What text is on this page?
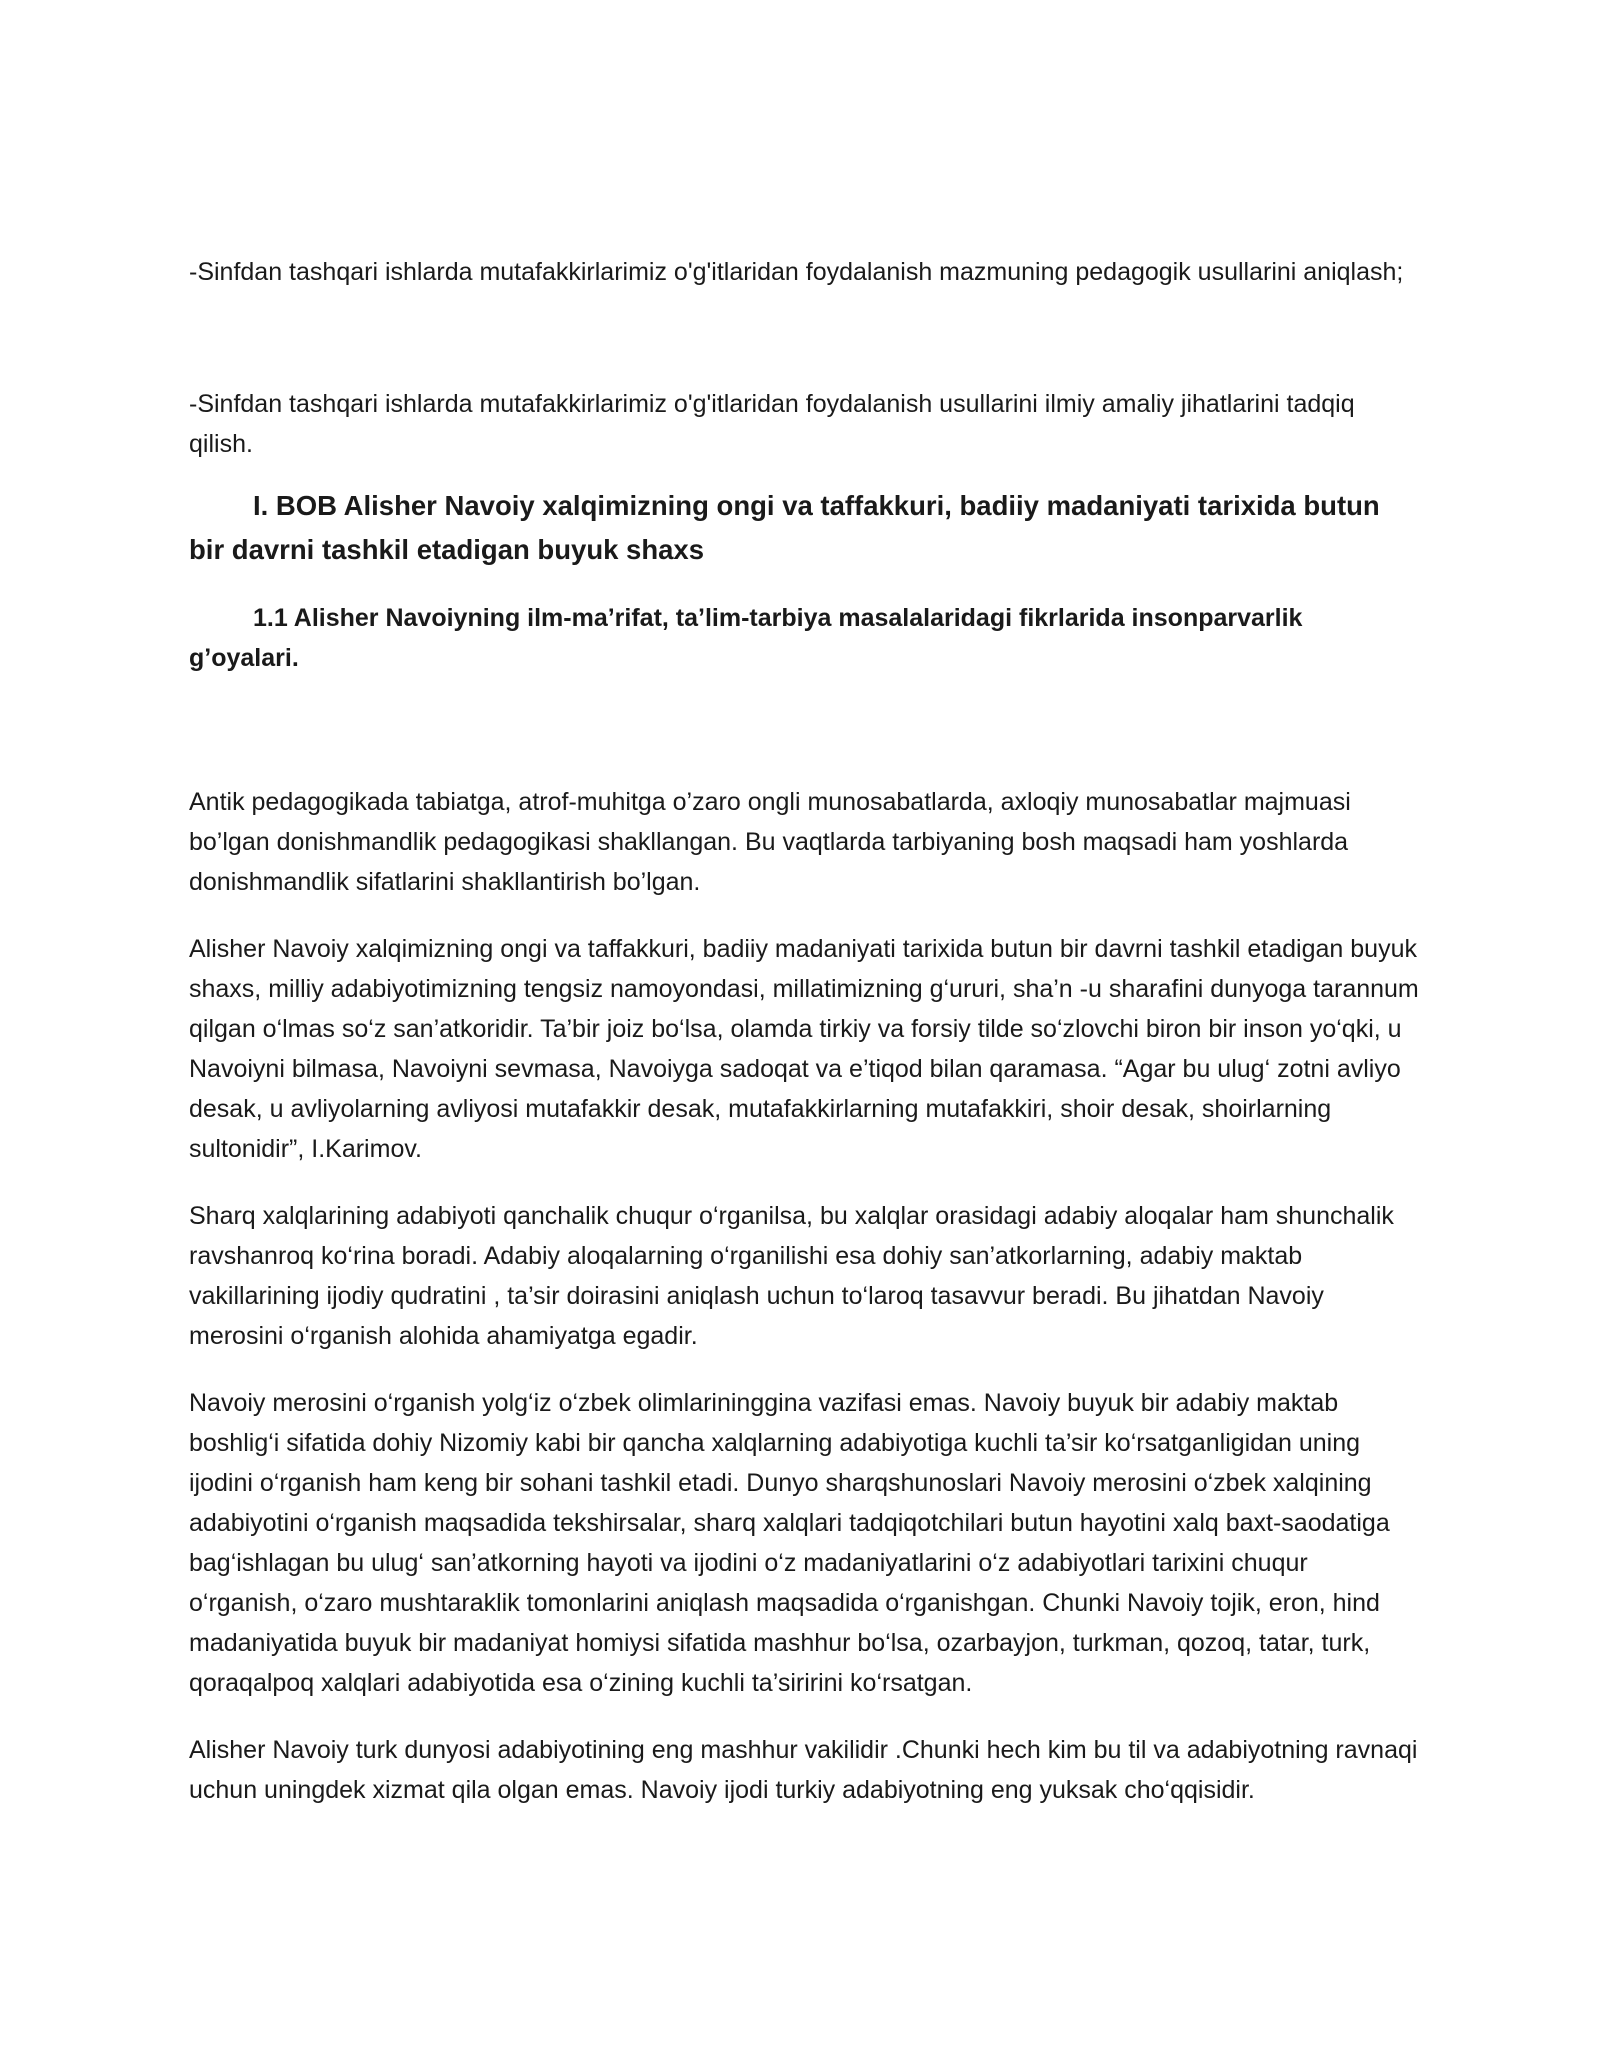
-Sinfdan tashqari ishlarda mutafakkirlarimiz o'g'itlaridan foydalanish mazmuning pedagogik usullarini aniqlash;

-Sinfdan tashqari ishlarda mutafakkirlarimiz o'g'itlaridan foydalanish usullarini ilmiy amaliy jihatlarini tadqiq qilish.

I. BOB Alisher Navoiy xalqimizning ongi va taffakkuri, badiiy madaniyati tarixida butun bir davrni tashkil etadigan buyuk shaxs
1.1 Alisher Navoiyning ilm-ma’rifat, ta’lim-tarbiya masalalaridagi fikrlarida insonparvarlik g’oyalari.

Antik pedagogikada tabiatga, atrof-muhitga o’zaro ongli munosabatlarda, axloqiy munosabatlar majmuasi bo’lgan donishmandlik pedagogikasi shakllangan. Bu vaqtlarda tarbiyaning bosh maqsadi ham yoshlarda donishmandlik sifatlarini shakllantirish bo’lgan.

Alisher Navoiy xalqimizning ongi va taffakkuri, badiiy madaniyati tarixida butun bir davrni tashkil etadigan buyuk shaxs, milliy adabiyotimizning tengsiz namoyondasi, millatimizning g‘ururi, sha’n -u sharafini dunyoga tarannum qilgan o‘lmas so‘z san’atkoridir. Ta’bir joiz bo‘lsa, olamda tirkiy va forsiy tilde so‘zlovchi biron bir inson yo‘qki, u Navoiyni bilmasa, Navoiyni sevmasa, Navoiyga sadoqat va e’tiqod bilan qaramasa. “Agar bu ulug‘ zotni avliyo desak, u avliyolarning avliyosi mutafakkir desak, mutafakkirlarning mutafakkiri, shoir desak, shoirlarning sultonidir”, I.Karimov.

Sharq xalqlarining adabiyoti qanchalik chuqur o‘rganilsa, bu xalqlar orasidagi adabiy aloqalar ham shunchalik ravshanroq ko‘rina boradi. Adabiy aloqalarning o‘rganilishi esa dohiy san’atkorlarning, adabiy maktab vakillarining ijodiy qudratini , ta’sir doirasini aniqlash uchun to‘laroq tasavvur beradi. Bu jihatdan Navoiy merosini o‘rganish alohida ahamiyatga egadir.

Navoiy merosini o‘rganish yolg‘iz o‘zbek olimlariningginа vazifasi emas. Navoiy buyuk bir adabiy maktab boshlig‘i sifatida dohiy Nizomiy kabi bir qancha xalqlarning adabiyotiga kuchli ta’sir ko‘rsatganligidan uning ijodini o‘rganish ham keng bir sohani tashkil etadi. Dunyo sharqshunoslari Navoiy merosini o‘zbek xalqining adabiyotini o‘rganish maqsadida tekshirsalar, sharq xalqlari tadqiqotchilari butun hayotini xalq baxt-saodatiga bag‘ishlagan bu ulug‘ san’atkorning hayoti va ijodini o‘z madaniyatlarini o‘z adabiyotlari tarixini chuqur o‘rganish, o‘zaro mushtaraklik tomonlarini aniqlash maqsadida o‘rganishgan. Chunki Navoiy tojik, eron, hind madaniyatida buyuk bir madaniyat homiysi sifatida mashhur bo‘lsa, ozarbayjon, turkman, qozoq, tatar, turk, qoraqalpoq xalqlari adabiyotida esa o‘zining kuchli ta’siririni ko‘rsatgan.

Alisher Navoiy turk dunyosi adabiyotining eng mashhur vakilidir .Chunki hech kim bu til va adabiyotning ravnaqi uchun uningdek xizmat qila olgan emas. Navoiy ijodi turkiy adabiyotning eng yuksak cho‘qqisidir.
